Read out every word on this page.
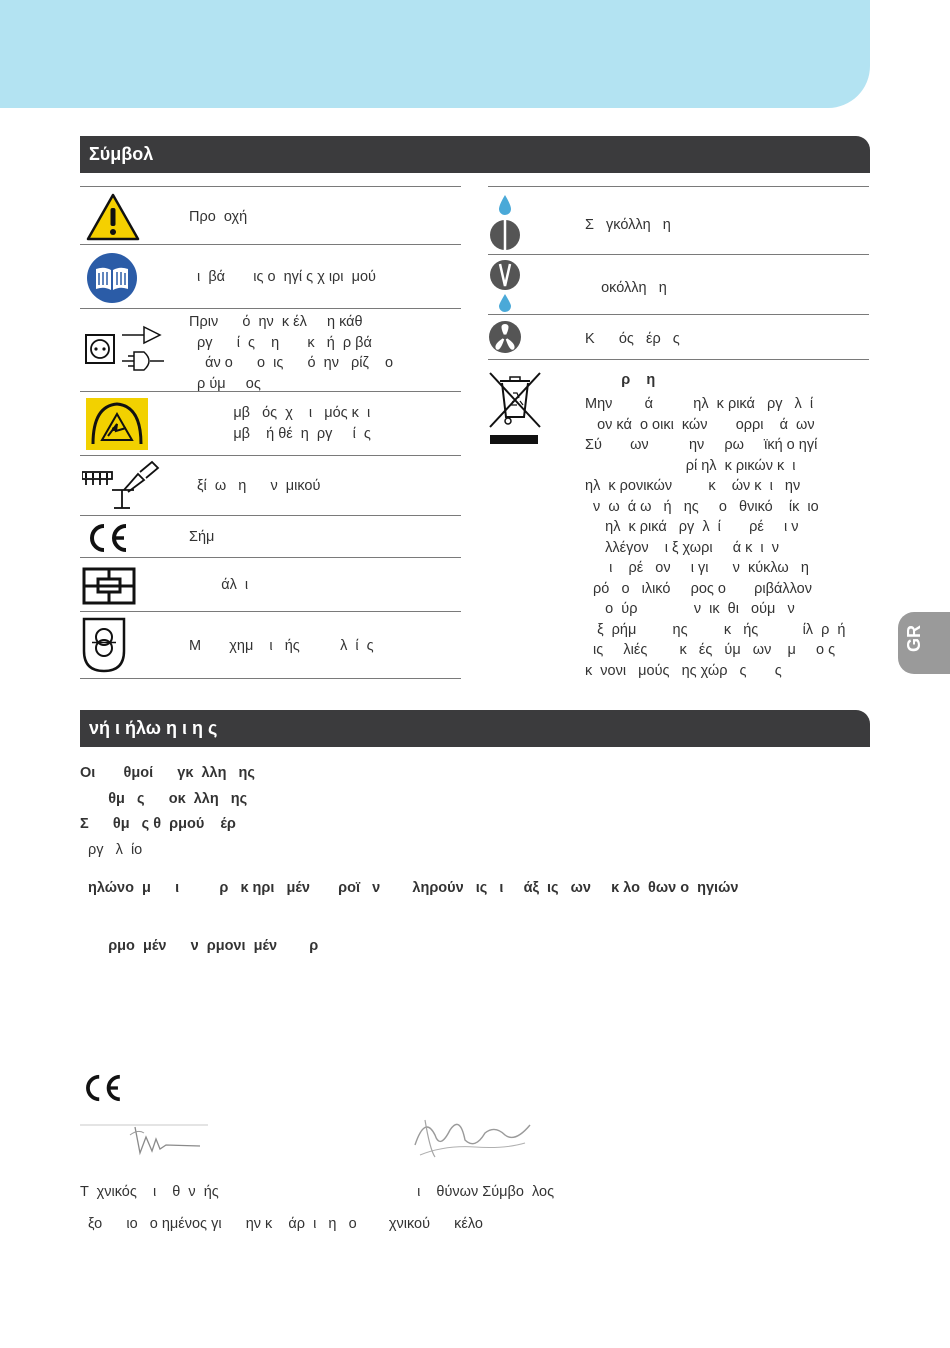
GR
Σύμβολ
Προ  οχή
ι  βά       ις ο  ηγί ς χ ιρι  μού
Πριν      ό  ην  κ έλ     η κάθ
ργ      ί  ς    η       κ   ή  ρ βά
άν ο      ο  ις      ό  ην   ρίζ    ο
ρ ύμ     ος
μβ   ός  χ    ι   μός κ  ι
μβ    ή θέ  η  ργ     ί  ς
ξί  ω   η      ν  μικού
Σήμ
άλ  ι
Μ       χημ    ι   ής          λ  ί  ς
Σ   γκόλλη   η
οκόλλη   η
Κ      ός   έρ   ς
ρ    η
Μην        ά          ηλ  κ ρικά   ργ   λ  ί
ον κά  ο οικι  κών       ορρι    ά  ων
Σύ       ων          ην     ρω     ϊκή ο ηγί
ρί ηλ  κ ρικών κ  ι
ηλ  κ ρονικών         κ    ών κ  ι   ην
ν  ω  ά ω   ή   ης     ο   θνικό    ίκ  ιο
ηλ  κ ρικά   ργ  λ  ί       ρέ     ι ν
λλέγον    ι ξ χωρι     ά κ  ι  ν
ι    ρέ   ον     ι γι      ν  κύκλω   η
ρό   ο   ιλικό     ρος ο       ριβάλλον
ο  ύρ              ν  ικ  θι   ούμ   ν
ξ  ρήμ         ης         κ   ής           ίλ  ρ  ή
ις     λιές        κ   ές   ύμ   ων    μ     ο ς
κ  νονι   μούς   ης χώρ   ς       ς
νή ι ήλω η ι η ς
Οι       θμοί      γκ  λλη   ης
θμ   ς      οκ  λλη   ης
Σ      θμ   ς θ  ρμού    έρ
ργ   λ  ίο
ηλώνο  μ      ι          ρ   κ ηρι   μέν       ροϊ   ν        ληρούν   ις   ι     άξ  ις   ων     κ λο  θων ο  ηγιών
ρμο  μέν      ν  ρμονι  μέν        ρ
Τ  χνικός    ι    θ  ν  ής	ι    θύνων Σύμβο  λος
ξο      ιο   ο ημένος γι      ην κ    άρ  ι   η   ο        χνικού      κέλο
